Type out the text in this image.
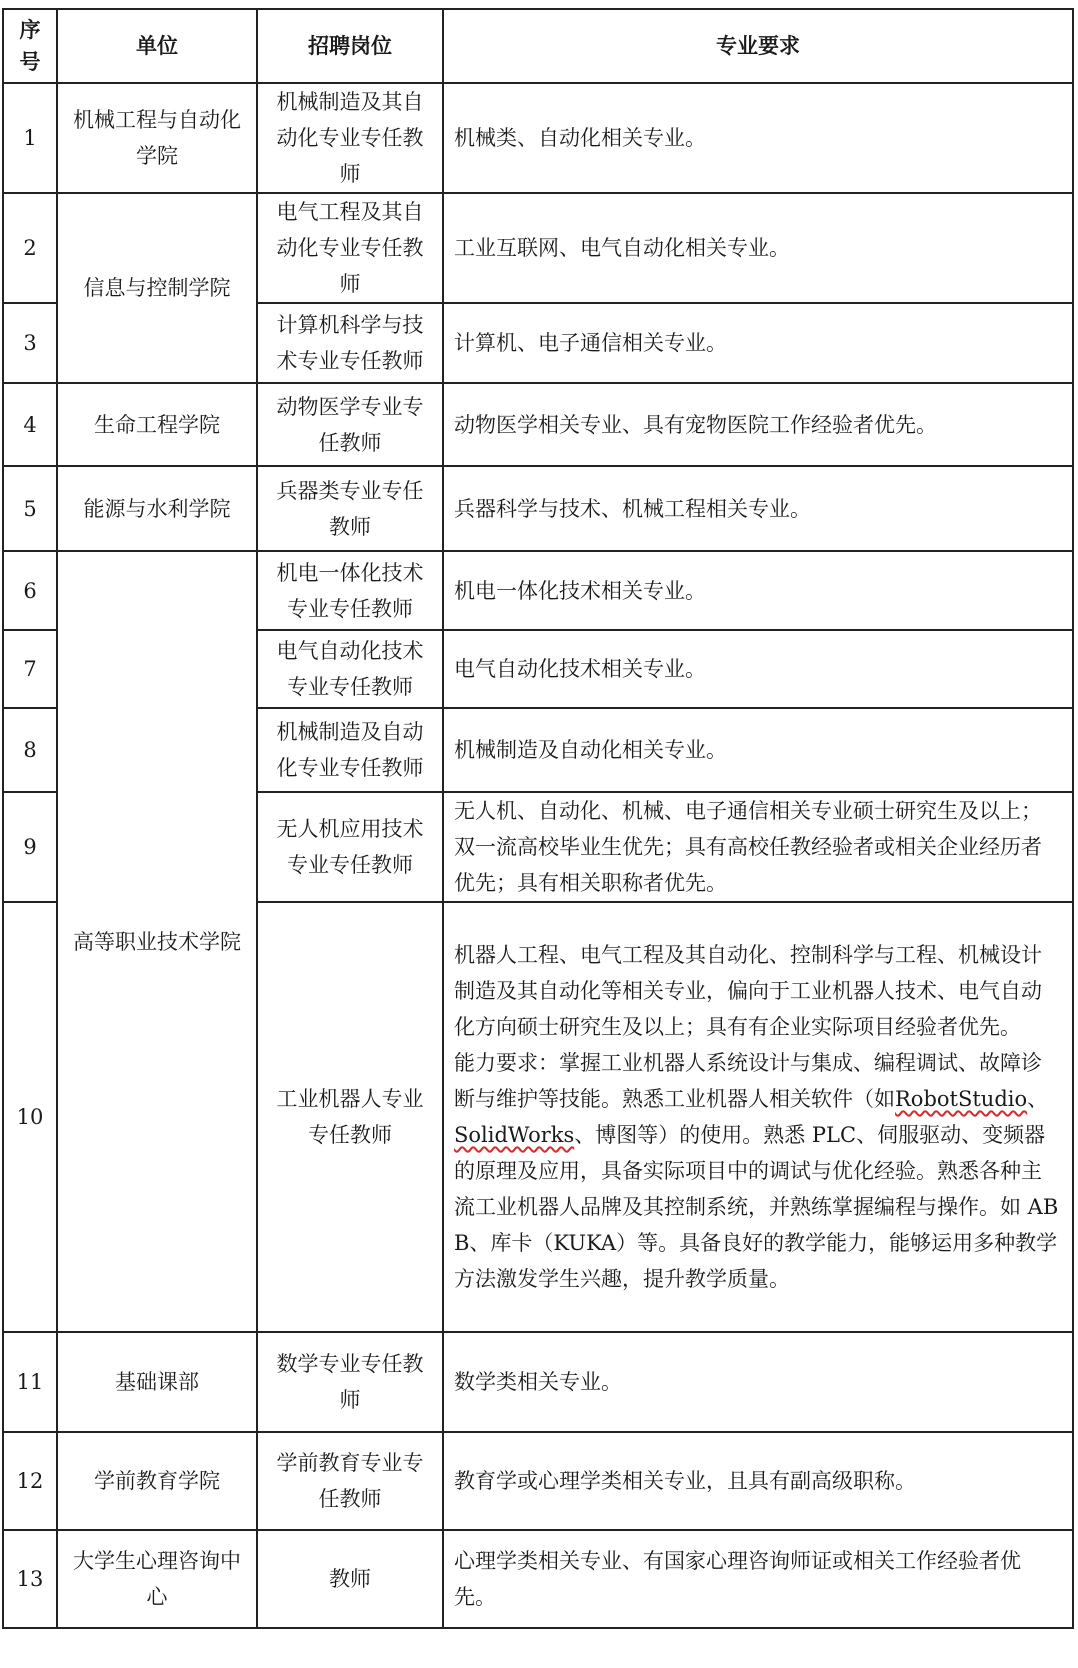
序号	单位	招聘岗位	专业要求
1	机械工程与自动化学院	机械制造及其自动化专业专任教师	机械类、自动化相关专业。
2	信息与控制学院	电气工程及其自动化专业专任教师	工业互联网、电气自动化相关专业。
3		计算机科学与技术专业专任教师	计算机、电子通信相关专业。
4	生命工程学院	动物医学专业专任教师	动物医学相关专业、具有宠物医院工作经验者优先。
5	能源与水利学院	兵器类专业专任教师	兵器科学与技术、机械工程相关专业。
6	高等职业技术学院	机电一体化技术专业专任教师	机电一体化技术相关专业。
7		电气自动化技术专业专任教师	电气自动化技术相关专业。
8		机械制造及自动化专业专任教师	机械制造及自动化相关专业。
9		无人机应用技术专业专任教师	无人机、自动化、机械、电子通信相关专业硕士研究生及以上；双一流高校毕业生优先；具有高校任教经验者或相关企业经历者优先；具有相关职称者优先。
10		工业机器人专业专任教师	机器人工程、电气工程及其自动化、控制科学与工程、机械设计制造及其自动化等相关专业，偏向于工业机器人技术、电气自动化方向硕士研究生及以上；具有有企业实际项目经验者优先。
能力要求：掌握工业机器人系统设计与集成、编程调试、故障诊断与维护等技能。熟悉工业机器人相关软件（如RobotStudio、SolidWorks、博图等）的使用。熟悉 PLC、伺服驱动、变频器的原理及应用，具备实际项目中的调试与优化经验。熟悉各种主流工业机器人品牌及其控制系统，并熟练掌握编程与操作。如 ABB、库卡（KUKA）等。具备良好的教学能力，能够运用多种教学方法激发学生兴趣，提升教学质量。

11	基础课部	数学专业专任教师	数学类相关专业。
12	学前教育学院	学前教育专业专任教师	教育学或心理学类相关专业，且具有副高级职称。
13	大学生心理咨询中心	教师	心理学类相关专业、有国家心理咨询师证或相关工作经验者优先。
